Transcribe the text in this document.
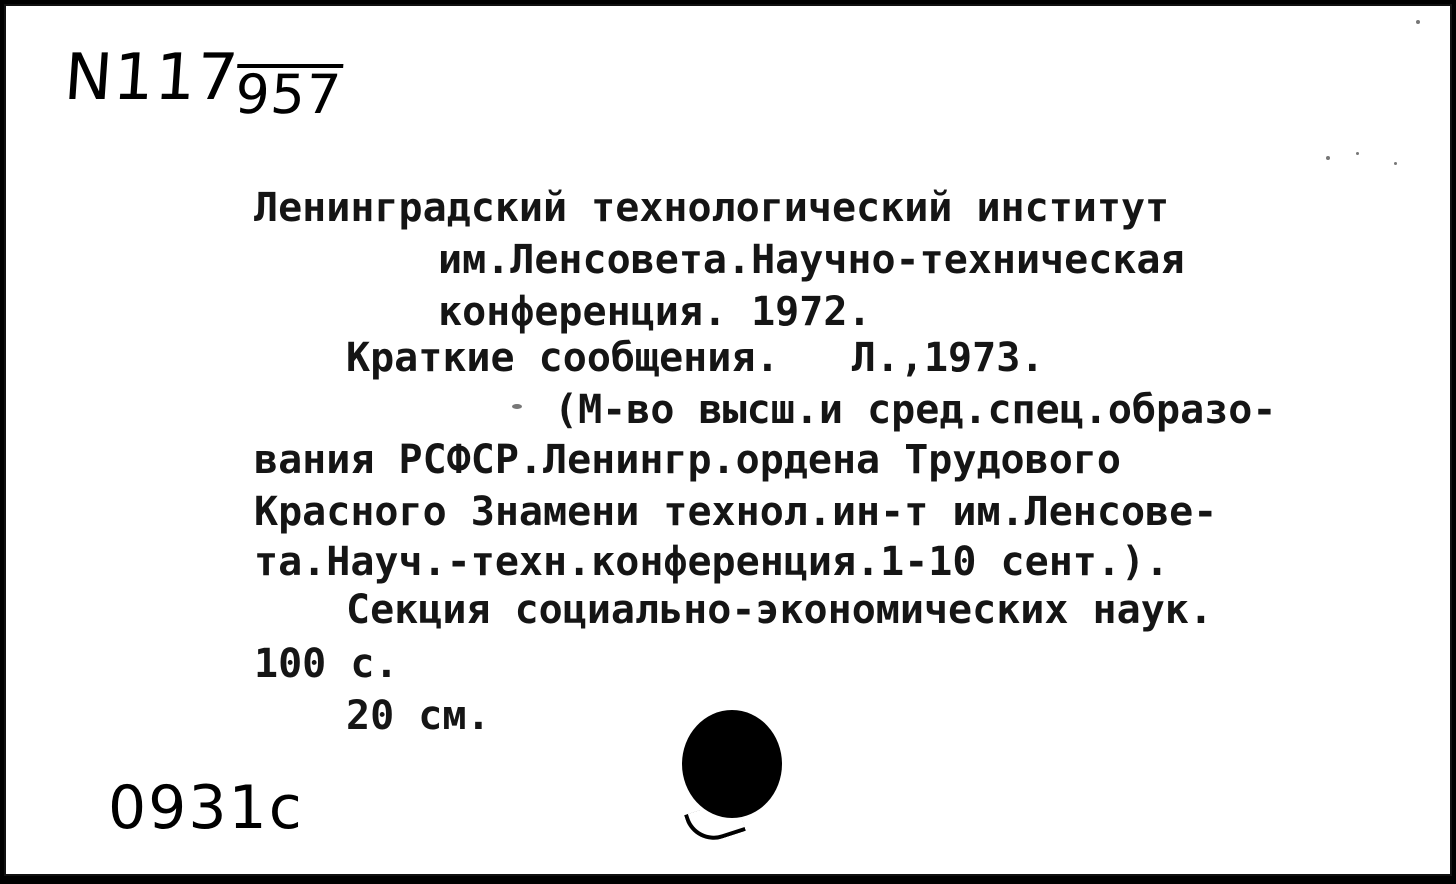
N117957
Ленинградский технологический институт
им.Ленсовета.Научно-техническая
конференция. 1972.
Краткие сообщения.   Л.,1973.
(М-во высш.и сред.спец.образо-
вания РСФСР.Ленингр.ордена Трудового
Красного Знамени технол.ин-т им.Ленсове-
та.Науч.-техн.конференция.1-10 сент.).
Секция социально-экономических наук.
100 с.
20 см.
0931c
